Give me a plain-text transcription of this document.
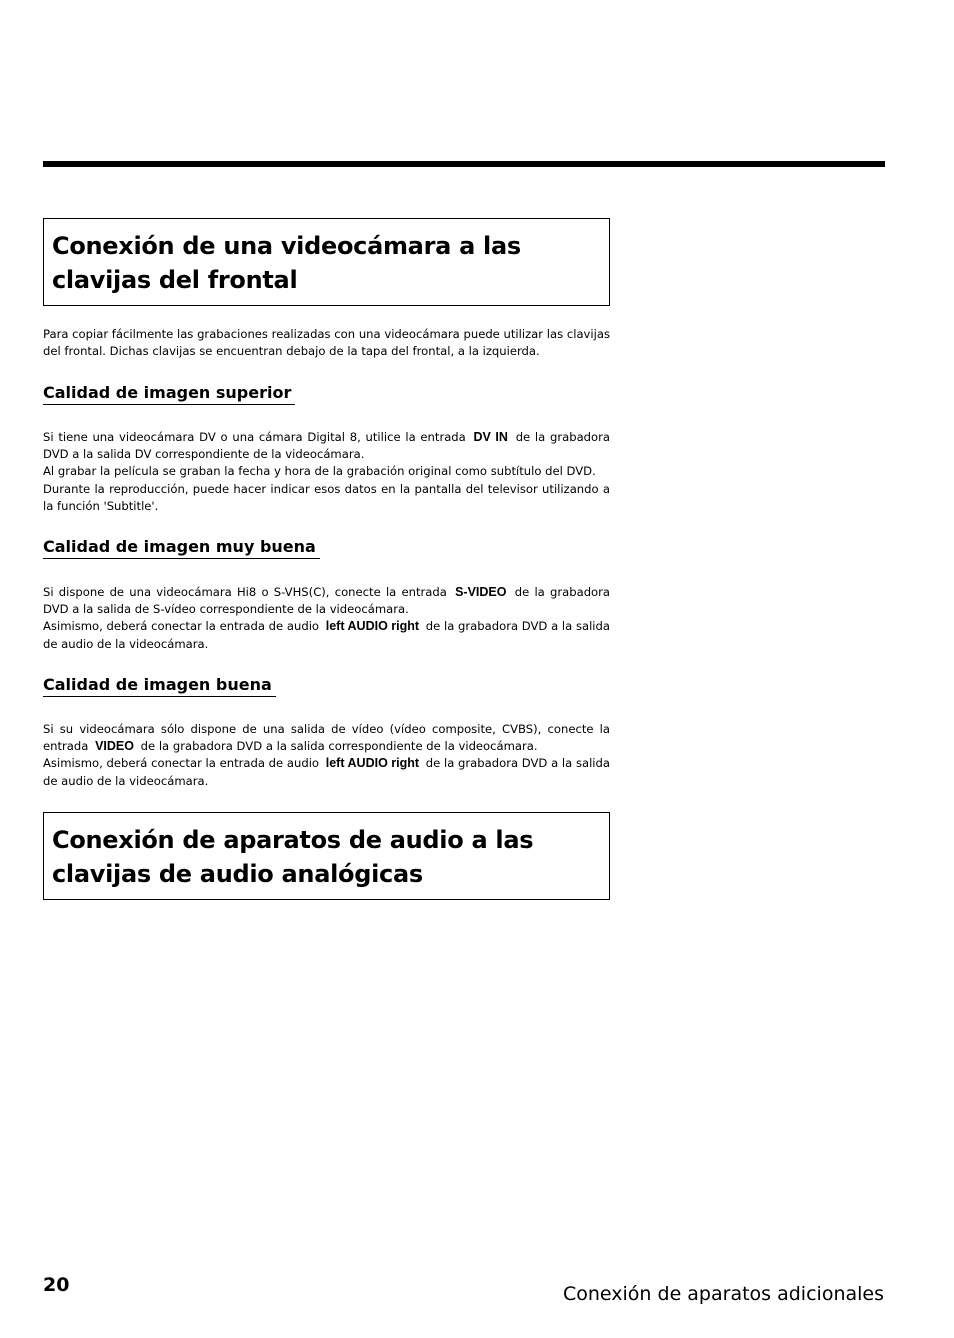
Conexión de una videocámara a las clavijas del frontal

Para copiar fácilmente las grabaciones realizadas con una videocámara puede utilizar las clavijas del frontal. Dichas clavijas se encuentran debajo de la tapa del frontal, a la izquierda.

Calidad de imagen superior

Si tiene una videocámara DV o una cámara Digital 8, utilice la entrada DV IN de la grabadora DVD a la salida DV correspondiente de la videocámara.
Al grabar la película se graban la fecha y hora de la grabación original como subtítulo del DVD.
Durante la reproducción, puede hacer indicar esos datos en la pantalla del televisor utilizando a la función 'Subtitle'.

Calidad de imagen muy buena

Si dispone de una videocámara Hi8 o S-VHS(C), conecte la entrada S-VIDEO de la grabadora DVD a la salida de S-vídeo correspondiente de la videocámara.
Asimismo, deberá conectar la entrada de audio left AUDIO right de la grabadora DVD a la salida de audio de la videocámara.

Calidad de imagen buena

Si su videocámara sólo dispone de una salida de vídeo (vídeo composite, CVBS), conecte la entrada VIDEO de la grabadora DVD a la salida correspondiente de la videocámara.
Asimismo, deberá conectar la entrada de audio left AUDIO right de la grabadora DVD a la salida de audio de la videocámara.

Conexión de aparatos de audio a las clavijas de audio analógicas
20	Conexión de aparatos adicionales
